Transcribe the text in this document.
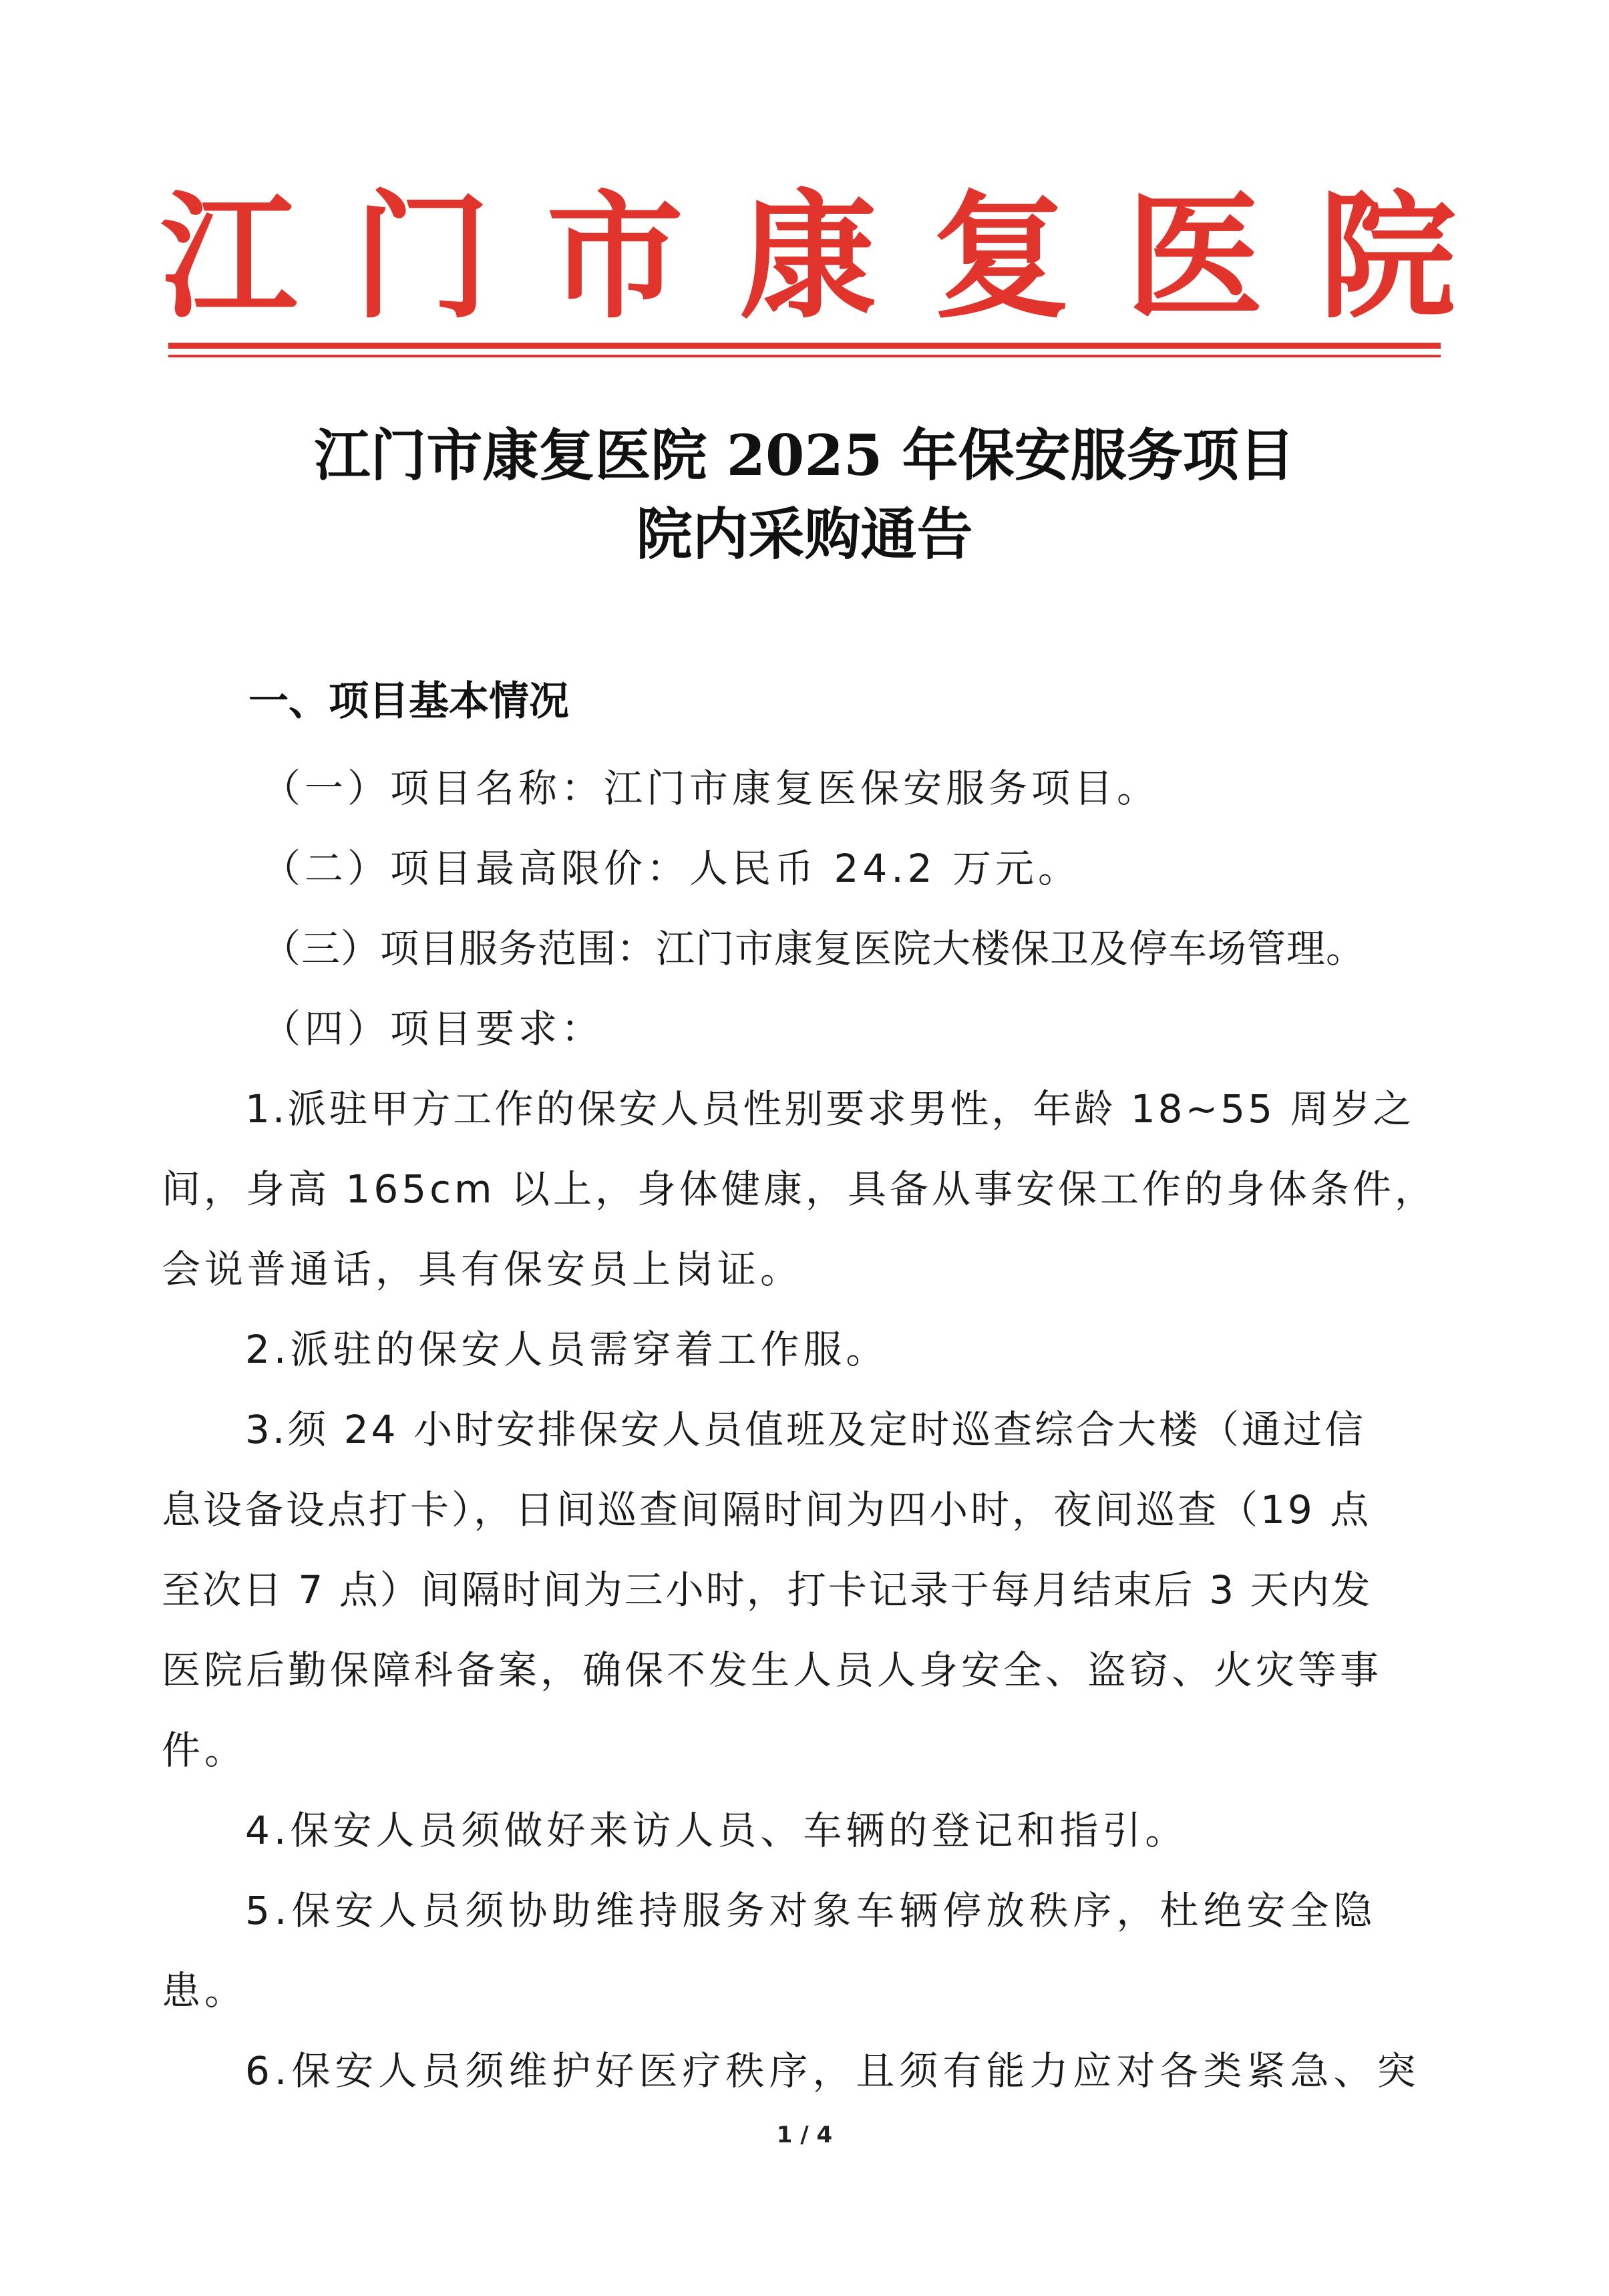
江 门 市 康 复 医 院
江门市康复医院 2025 年保安服务项目
院内采购通告
一、项目基本情况
（一）项目名称：江门市康复医保安服务项目。
（二）项目最高限价：人民币 24.2 万元。
（三）项目服务范围：江门市康复医院大楼保卫及停车场管理。
（四）项目要求：
1.派驻甲方工作的保安人员性别要求男性，年龄 18~55 周岁之
间，身高 165cm 以上，身体健康，具备从事安保工作的身体条件，
会说普通话，具有保安员上岗证。
2.派驻的保安人员需穿着工作服。
3.须 24 小时安排保安人员值班及定时巡查综合大楼（通过信
息设备设点打卡），日间巡查间隔时间为四小时，夜间巡查（19 点
至次日 7 点）间隔时间为三小时，打卡记录于每月结束后 3 天内发
医院后勤保障科备案，确保不发生人员人身安全、盗窃、火灾等事
件。
4.保安人员须做好来访人员、车辆的登记和指引。
5.保安人员须协助维持服务对象车辆停放秩序，杜绝安全隐
患。
6.保安人员须维护好医疗秩序，且须有能力应对各类紧急、突
1 / 4
